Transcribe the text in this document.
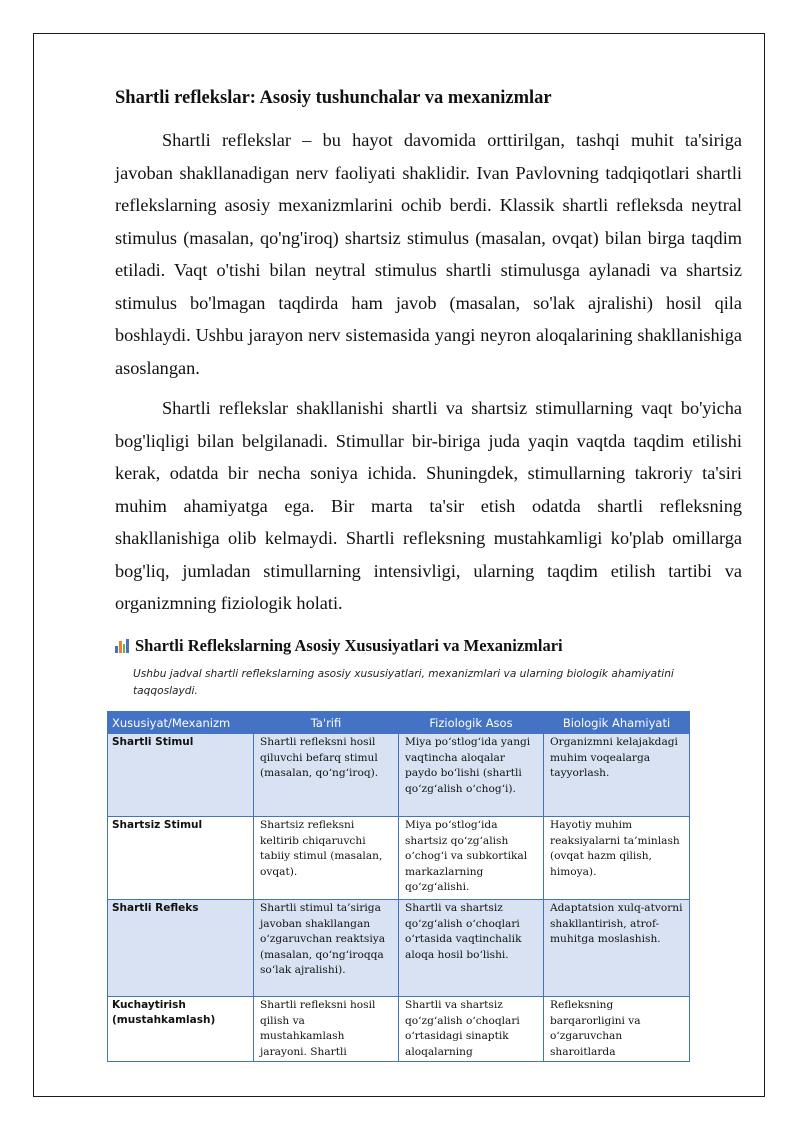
Shartli reflekslar: Asosiy tushunchalar va mexanizmlar

Shartli reflekslar – bu hayot davomida orttirilgan, tashqi muhit ta'siriga javoban shakllanadigan nerv faoliyati shaklidir. Ivan Pavlovning tadqiqotlari shartli reflekslarning asosiy mexanizmlarini ochib berdi. Klassik shartli refleksda neytral stimulus (masalan, qo'ng'iroq) shartsiz stimulus (masalan, ovqat) bilan birga taqdim etiladi. Vaqt o'tishi bilan neytral stimulus shartli stimulusga aylanadi va shartsiz stimulus bo'lmagan taqdirda ham javob (masalan, so'lak ajralishi) hosil qila boshlaydi. Ushbu jarayon nerv sistemasida yangi neyron aloqalarining shakllanishiga asoslangan.

Shartli reflekslar shakllanishi shartli va shartsiz stimullarning vaqt bo'yicha bog'liqligi bilan belgilanadi. Stimullar bir-biriga juda yaqin vaqtda taqdim etilishi kerak, odatda bir necha soniya ichida. Shuningdek, stimullarning takroriy ta'siri muhim ahamiyatga ega. Bir marta ta'sir etish odatda shartli refleksning shakllanishiga olib kelmaydi. Shartli refleksning mustahkamligi ko'plab omillarga bog'liq, jumladan stimullarning intensivligi, ularning taqdim etilish tartibi va organizmning fiziologik holati.

Shartli Reflekslarning Asosiy Xususiyatlari va Mexanizmlari
Ushbu jadval shartli reflekslarning asosiy xususiyatlari, mexanizmlari va ularning biologik ahamiyatini taqqoslaydi.
Xususiyat/Mexanizm	Ta'rifi	Fiziologik Asos	Biologik Ahamiyati
Shartli Stimul	Shartli refleksni hosil qiluvchi befarq stimul (masalan, qo‘ng‘iroq).	Miya po‘stlog‘ida yangi vaqtincha aloqalar paydo bo‘lishi (shartli qo‘zg‘alish o‘chog‘i).	Organizmni kelajakdagi muhim voqealarga tayyorlash.
Shartsiz Stimul	Shartsiz refleksni keltirib chiqaruvchi tabiiy stimul (masalan, ovqat).	Miya po‘stlog‘ida shartsiz qo‘zg‘alish o‘chog‘i va subkortikal markazlarning qo‘zg‘alishi.	Hayotiy muhim reaksiyalarni ta’minlash (ovqat hazm qilish, himoya).
Shartli Refleks	Shartli stimul ta’siriga javoban shakllangan o‘zgaruvchan reaktsiya (masalan, qo‘ng‘iroqqa so‘lak ajralishi).	Shartli va shartsiz qo‘zg‘alish o‘choqlari o‘rtasida vaqtinchalik aloqa hosil bo‘lishi.	Adaptatsion xulq-atvorni shakllantirish, atrof-muhitga moslashish.
Kuchaytirish (mustahkamlash)	Shartli refleksni hosil qilish va mustahkamlash jarayoni. Shartli	Shartli va shartsiz qo‘zg‘alish o‘choqlari o‘rtasidagi sinaptik aloqalarning	Refleksning barqarorligini va o‘zgaruvchan sharoitlarda
